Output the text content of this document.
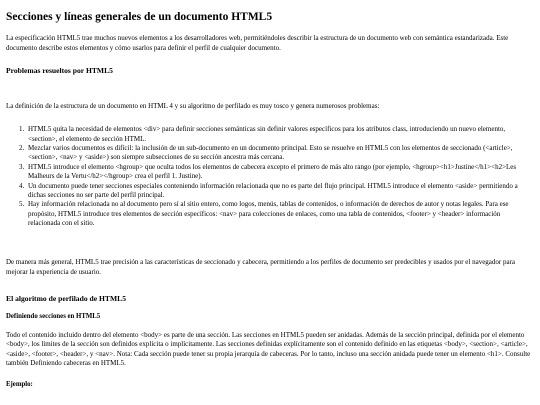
Secciones y líneas generales de un documento HTML5

La especificación HTML5 trae muchos nuevos elementos a los desarrolladores web, permitiéndoles describir la estructura de un documento web con semántica estandarizada. Este documento describe estos elementos y cómo usarlos para definir el perfil de cualquier documento.

Problemas resueltos por HTML5

La definición de la estructura de un documento en HTML 4 y su algoritmo de perfilado es muy tosco y genera numerosos problemas:

1. HTML5 quita la necesidad de elementos <div> para definir secciones semánticas sin definir valores específicos para los atributos class, introduciendo un nuevo elemento, <section>, el elemento de sección HTML.
2. Mezclar varios documentos es difícil: la inclusión de un sub-documento en un documento principal. Esto se resuelve en HTML5 con los elementos de seccionado (<article>, <section>, <nav> y <aside>) son siempre subsecciones de su sección ancestra más cercana.
3. HTML5 introduce el elemento <hgroup> que oculta todos los elementos de cabecera excepto el primero de más alto rango (por ejemplo, <hgroup><h1>Justine</h1><h2>Les Malheurs de la Vertu</h2></hgroup> crea el perfil 1. Justine).
4. Un documento puede tener secciones especiales conteniendo información relacionada que no es parte del flujo principal. HTML5 introduce el elemento <aside> permitiendo a dichas secciones no ser parte del perfil principal.
5. Hay información relacionada no al documento pero sí al sitio entero, como logos, menús, tablas de contenidos, o información de derechos de autor y notas legales. Para ese propósito, HTML5 introduce tres elementos de sección específicos: <nav> para colecciones de enlaces, como una tabla de contenidos, <footer> y <header> información relacionada con el sitio.

De manera más general, HTML5 trae precisión a las características de seccionado y cabecera, permitiendo a los perfiles de documento ser predecibles y usados por el navegador para mejorar la experiencia de usuario.

El algoritmo de perfilado de HTML5
Definiendo secciones en HTML5

Todo el contenido incluido dentro del elemento <body> es parte de una sección. Las secciones en HTML5 pueden ser anidadas. Además de la sección principal, definida por el elemento <body>, los límites de la sección son definidos explícita o implícitamente. Las secciones definidas explícitamente son el contenido definido en las etiquetas <body>, <section>, <article>, <aside>, <footer>, <header>, y <nav>. Nota: Cada sección puede tener su propia jerarquía de cabeceras. Por lo tanto, incluso una sección anidada puede tener un elemento <h1>. Consulte también Definiendo cabeceras en HTML5.

Ejemplo:
